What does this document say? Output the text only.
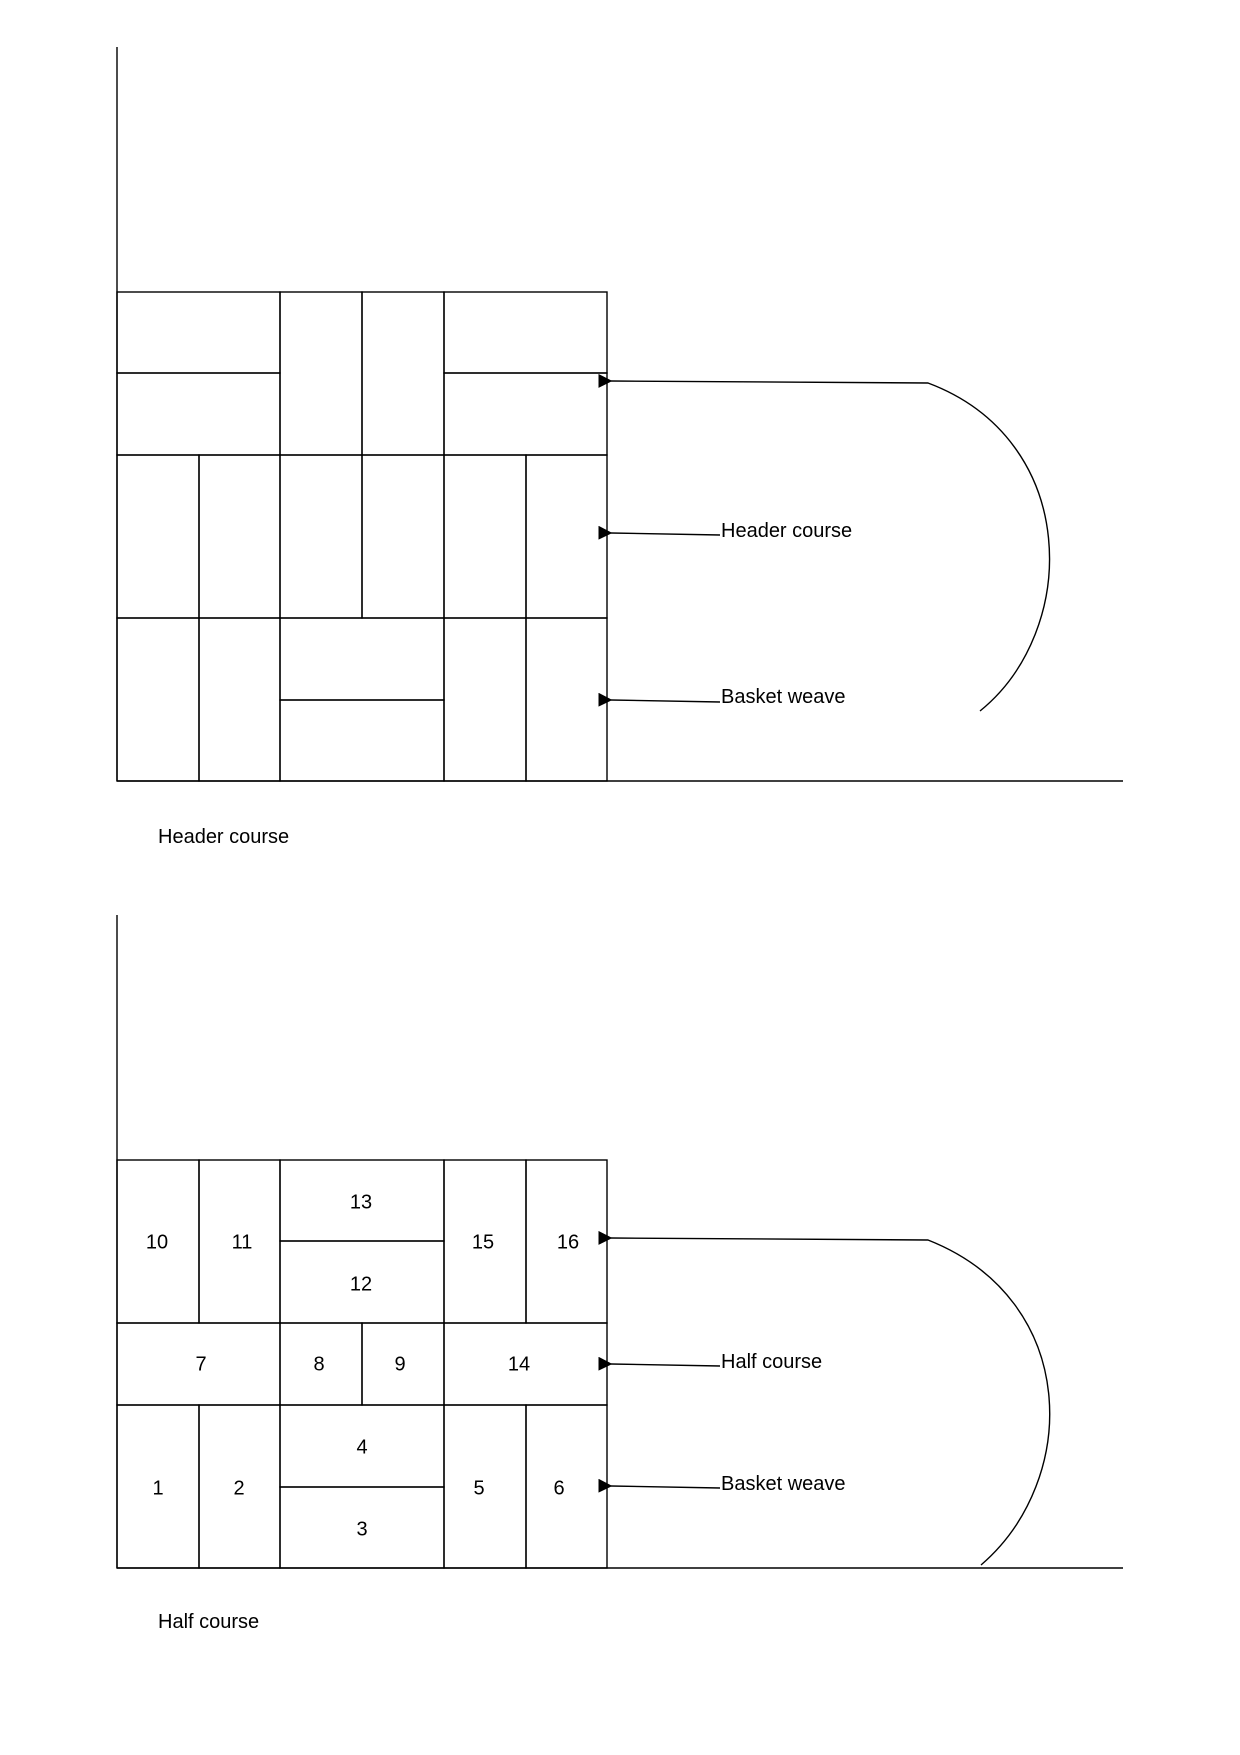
Header course
Basket weave
Header course
1	2
3
4
5	6
7	8	9
10	11
12
13
14
15	16
Half course
Basket weave
Half course
